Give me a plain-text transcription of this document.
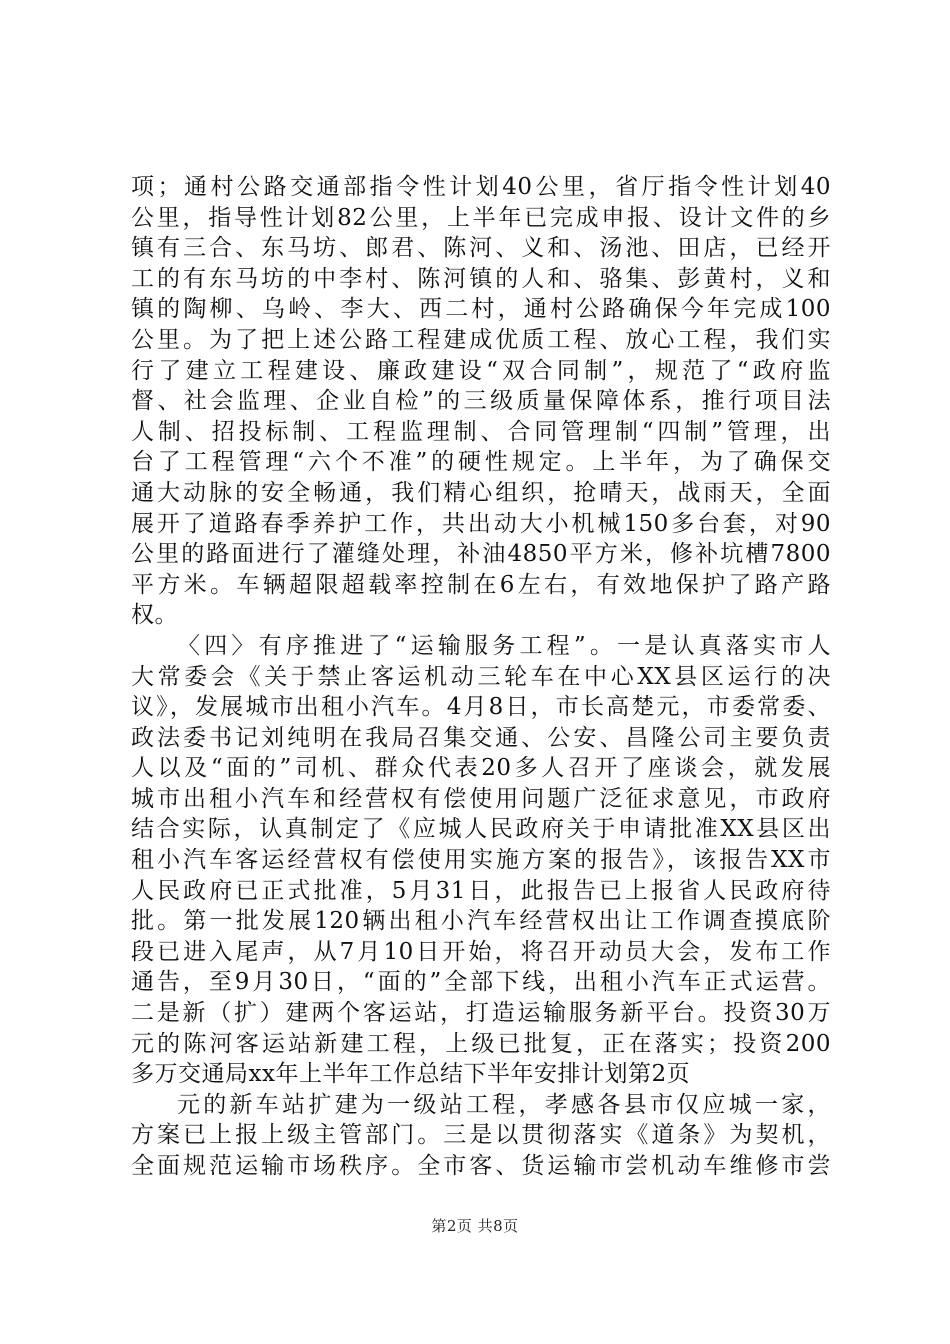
项；通村公路交通部指令性计划40公里，省厅指令性计划40
公里，指导性计划82公里，上半年已完成申报、设计文件的乡
镇有三合、东马坊、郎君、陈河、义和、汤池、田店，已经开
工的有东马坊的中李村、陈河镇的人和、骆集、彭黄村，义和
镇的陶柳、乌岭、李大、西二村，通村公路确保今年完成100
公里。为了把上述公路工程建成优质工程、放心工程，我们实
行了建立工程建设、廉政建设“双合同制”，规范了“政府监
督、社会监理、企业自检”的三级质量保障体系，推行项目法
人制、招投标制、工程监理制、合同管理制“四制”管理，出
台了工程管理“六个不准”的硬性规定。上半年，为了确保交
通大动脉的安全畅通，我们精心组织，抢晴天，战雨天，全面
展开了道路春季养护工作，共出动大小机械150多台套，对90
公里的路面进行了灌缝处理，补油4850平方米，修补坑槽7800
平方米。车辆超限超载率控制在6左右，有效地保护了路产路
权。
〈四〉有序推进了“运输服务工程”。一是认真落实市人
大常委会《关于禁止客运机动三轮车在中心XX县区运行的决
议》，发展城市出租小汽车。4月8日，市长高楚元，市委常委、
政法委书记刘纯明在我局召集交通、公安、昌隆公司主要负责
人以及“面的”司机、群众代表20多人召开了座谈会，就发展
城市出租小汽车和经营权有偿使用问题广泛征求意见，市政府
结合实际，认真制定了《应城人民政府关于申请批准XX县区出
租小汽车客运经营权有偿使用实施方案的报告》，该报告XX市
人民政府已正式批准，5月31日，此报告已上报省人民政府待
批。第一批发展120辆出租小汽车经营权出让工作调查摸底阶
段已进入尾声，从7月10日开始，将召开动员大会，发布工作
通告，至9月30日，“面的”全部下线，出租小汽车正式运营。
二是新（扩）建两个客运站，打造运输服务新平台。投资30万
元的陈河客运站新建工程，上级已批复，正在落实；投资200
多万交通局xx年上半年工作总结下半年安排计划第2页
元的新车站扩建为一级站工程，孝感各县市仅应城一家，
方案已上报上级主管部门。三是以贯彻落实《道条》为契机，
全面规范运输市场秩序。全市客、货运输市尝机动车维修市尝
第2页 共8页
